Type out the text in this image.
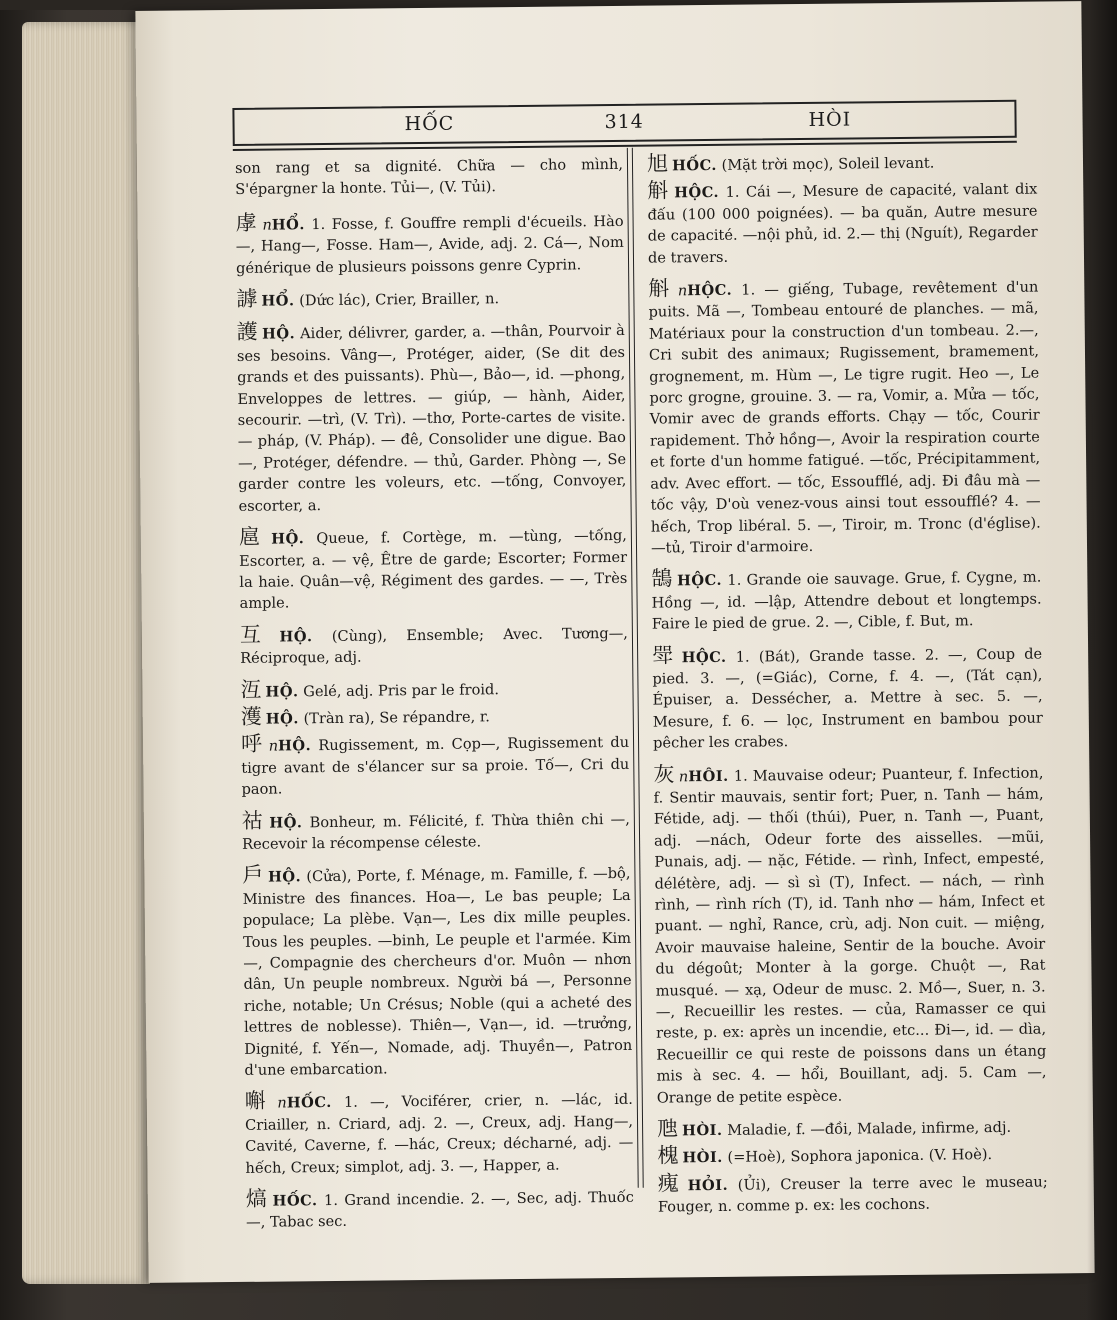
HỐC	314	HÒI

son rang et sa dignité. Chữa — cho mình, S'épargner la honte. Tủi—, (V. Tủi).

虖 nHỔ. 1. Fosse, f. Gouffre rempli d'écueils. Hào—, Hang—, Fosse. Ham—, Avide, adj. 2. Cá—, Nom générique de plusieurs poissons genre Cyprin.

謼 HỔ. (Dức lác), Crier, Brailler, n.

護 HỘ. Aider, délivrer, garder, a. —thân, Pourvoir à ses besoins. Vâng—, Protéger, aider, (Se dit des grands et des puissants). Phù—, Bảo—, id. —phong, Enveloppes de lettres. — giúp, — hành, Aider, secourir. —trì, (V. Trì). —thơ, Porte-cartes de visite. — pháp, (V. Pháp). — đê, Consolider une digue. Bao—, Protéger, défendre. — thủ, Garder. Phòng —, Se garder contre les voleurs, etc. —tống, Convoyer, escorter, a.

扈 HỘ. Queue, f. Cortège, m. —tùng, —tống, Escorter, a. — vệ, Être de garde; Escorter; Former la haie. Quân—vệ, Régiment des gardes. — —, Très ample.

互 HỘ. (Cùng), Ensemble; Avec. Tương—, Réciproque, adj.

沍 HỘ. Gelé, adj. Pris par le froid.

濩 HỘ. (Tràn ra), Se répandre, r.

呼 nHỘ. Rugissement, m. Cọp—, Rugissement du tigre avant de s'élancer sur sa proie. Tố—, Cri du paon.

祜 HỘ. Bonheur, m. Félicité, f. Thừa thiên chi —, Recevoir la récompense céleste.

戶 HỘ. (Cửa), Porte, f. Ménage, m. Famille, f. —bộ, Ministre des finances. Hoa—, Le bas peuple; La populace; La plèbe. Vạn—, Les dix mille peuples. Tous les peuples. —binh, Le peuple et l'armée. Kim —, Compagnie des chercheurs d'or. Muôn — nhơn dân, Un peuple nombreux. Người bá —, Personne riche, notable; Un Crésus; Noble (qui a acheté des lettres de noblesse). Thiên—, Vạn—, id. —trưởng, Dignité, f. Yến—, Nomade, adj. Thuyền—, Patron d'une embarcation.

嘝 nHỐC. 1. —, Vociférer, crier, n. —lác, id. Criailler, n. Criard, adj. 2. —, Creux, adj. Hang—, Cavité, Caverne, f. —hác, Creux; décharné, adj. — hếch, Creux; simplot, adj. 3. —, Happer, a.

熇 HỐC. 1. Grand incendie. 2. —, Sec, adj. Thuốc—, Tabac sec.

旭 HỐC. (Mặt trời mọc), Soleil levant.

斛 HỘC. 1. Cái —, Mesure de capacité, valant dix đấu (100 000 poignées). — ba quăn, Autre mesure de capacité. —nội phủ, id. 2.— thị (Nguít), Regarder de travers.

斛 nHỘC. 1. — giếng, Tubage, revêtement d'un puits. Mã —, Tombeau entouré de planches. — mã, Matériaux pour la construction d'un tombeau. 2.—, Cri subit des animaux; Rugissement, bramement, grognement, m. Hùm —, Le tigre rugit. Heo —, Le porc grogne, grouine. 3. — ra, Vomir, a. Mửa — tốc, Vomir avec de grands efforts. Chạy — tốc, Courir rapidement. Thở hồng—, Avoir la respiration courte et forte d'un homme fatigué. —tốc, Précipitamment, adv. Avec effort. — tốc, Essoufflé, adj. Đi đâu mà — tốc vậy, D'où venez-vous ainsi tout essoufflé? 4. —hếch, Trop libéral. 5. —, Tiroir, m. Tronc (d'église).—tủ, Tiroir d'armoire.

鵠 HỘC. 1. Grande oie sauvage. Grue, f. Cygne, m. Hồng —, id. —lập, Attendre debout et longtemps. Faire le pied de grue. 2. —, Cible, f. But, m.

斝 HỘC. 1. (Bát), Grande tasse. 2. —, Coup de pied. 3. —, (=Giác), Corne, f. 4. —, (Tát cạn), Épuiser, a. Dessécher, a. Mettre à sec. 5. —, Mesure, f. 6. — lọc, Instrument en bambou pour pêcher les crabes.

灰 nHÔI. 1. Mauvaise odeur; Puanteur, f. Infection, f. Sentir mauvais, sentir fort; Puer, n. Tanh — hám, Fétide, adj. — thối (thúi), Puer, n. Tanh —, Puant, adj. —nách, Odeur forte des aisselles. —mũi, Punais, adj. — nặc, Fétide. — rình, Infect, empesté, délétère, adj. — sì sì (T), Infect. — nách, — rình rình, — rình rích (T), id. Tanh nhơ — hám, Infect et puant. — nghỉ, Rance, crù, adj. Non cuit. — miệng, Avoir mauvaise haleine, Sentir de la bouche. Avoir du dégoût; Monter à la gorge. Chuột —, Rat musqué. — xạ, Odeur de musc. 2. Mồ—, Suer, n. 3. —, Recueillir les restes. — của, Ramasser ce qui reste, p. ex: après un incendie, etc... Đi—, id. — dìa, Recueillir ce qui reste de poissons dans un étang mis à sec. 4. — hổi, Bouillant, adj. 5. Cam —, Orange de petite espèce.

虺 HÒI. Maladie, f. —đồi, Malade, infirme, adj.

槐 HÒI. (=Hoè), Sophora japonica. (V. Hoè).

瘣 HỎI. (Ủi), Creuser la terre avec le museau; Fouger, n. comme p. ex: les cochons.
